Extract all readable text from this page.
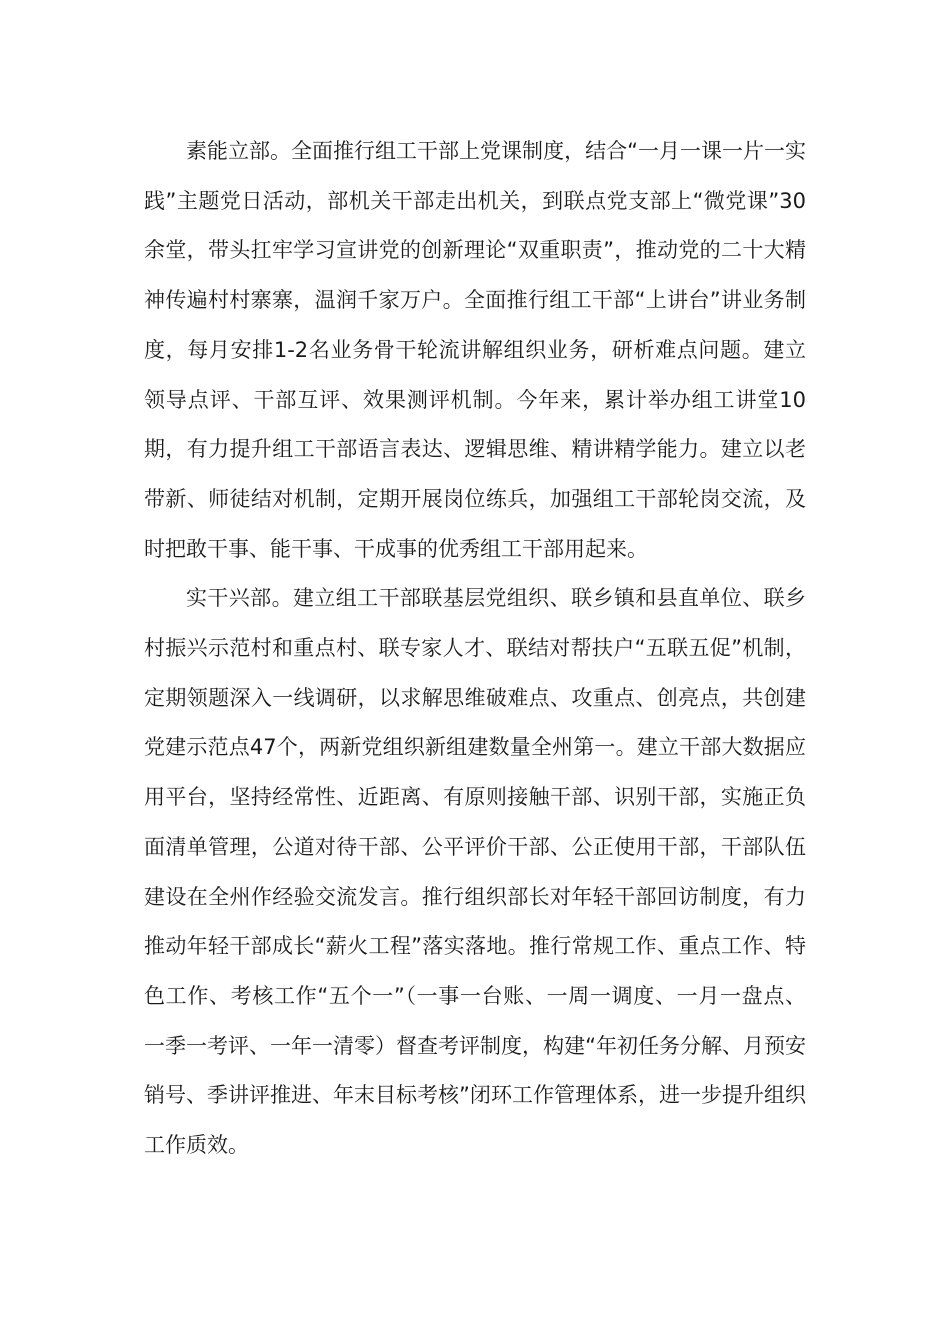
素能立部。全面推行组工干部上党课制度，结合“一月一课一片一实践”主题党日活动，部机关干部走出机关，到联点党支部上“微党课”30余堂，带头扛牢学习宣讲党的创新理论“双重职责”，推动党的二十大精神传遍村村寨寨，温润千家万户。全面推行组工干部“上讲台”讲业务制度，每月安排1-2名业务骨干轮流讲解组织业务，研析难点问题。建立领导点评、干部互评、效果测评机制。今年来，累计举办组工讲堂10期，有力提升组工干部语言表达、逻辑思维、精讲精学能力。建立以老带新、师徒结对机制，定期开展岗位练兵，加强组工干部轮岗交流，及时把敢干事、能干事、干成事的优秀组工干部用起来。

实干兴部。建立组工干部联基层党组织、联乡镇和县直单位、联乡村振兴示范村和重点村、联专家人才、联结对帮扶户“五联五促”机制，定期领题深入一线调研，以求解思维破难点、攻重点、创亮点，共创建党建示范点47个，两新党组织新组建数量全州第一。建立干部大数据应用平台，坚持经常性、近距离、有原则接触干部、识别干部，实施正负面清单管理，公道对待干部、公平评价干部、公正使用干部，干部队伍建设在全州作经验交流发言。推行组织部长对年轻干部回访制度，有力推动年轻干部成长“薪火工程”落实落地。推行常规工作、重点工作、特色工作、考核工作“五个一”（一事一台账、一周一调度、一月一盘点、一季一考评、一年一清零）督查考评制度，构建“年初任务分解、月预安销号、季讲评推进、年末目标考核”闭环工作管理体系，进一步提升组织工作质效。
